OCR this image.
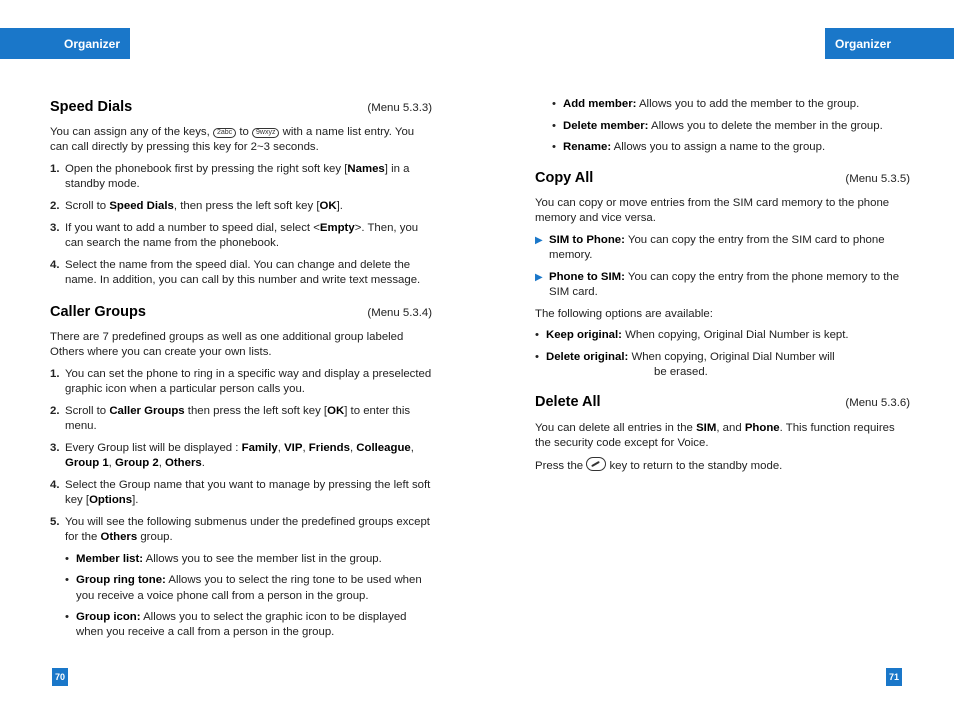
Organizer	Organizer
Speed Dials	(Menu 5.3.3)

You can assign any of the keys, 2abc to 9wxyz with a name list entry. You can call directly by pressing this key for 2~3 seconds.

1. Open the phonebook first by pressing the right soft key [Names] in a standby mode.
2. Scroll to Speed Dials, then press the left soft key [OK].
3. If you want to add a number to speed dial, select <Empty>. Then, you can search the name from the phonebook.
4. Select the name from the speed dial. You can change and delete the name. In addition, you can call by this number and write text message.
Caller Groups	(Menu 5.3.4)

There are 7 predefined groups as well as one additional group labeled Others where you can create your own lists.

1. You can set the phone to ring in a specific way and display a preselected graphic icon when a particular person calls you.
2. Scroll to Caller Groups then press the left soft key [OK] to enter this menu.
3. Every Group list will be displayed : Family, VIP, Friends, Colleague, Group 1, Group 2, Others.
4. Select the Group name that you want to manage by pressing the left soft key [Options].
5. You will see the following submenus under the predefined groups except for the Others group.
• Member list: Allows you to see the member list in the group.
• Group ring tone: Allows you to select the ring tone to be used when you receive a voice phone call from a person in the group.
• Group icon: Allows you to select the graphic icon to be displayed when you receive a call from a person in the group.
• Add member: Allows you to add the member to the group.
• Delete member: Allows you to delete the member in the group.
• Rename: Allows you to assign a name to the group.
Copy All	(Menu 5.3.5)

You can copy or move entries from the SIM card memory to the phone memory and vice versa.

▶ SIM to Phone: You can copy the entry from the SIM card to phone memory.
▶ Phone to SIM: You can copy the entry from the phone memory to the SIM card.

The following options are available:

• Keep original: When copying, Original Dial Number is kept.
• Delete original: When copying, Original Dial Number will
be erased.
Delete All	(Menu 5.3.6)

You can delete all entries in the SIM, and Phone. This function requires the security code except for Voice.

Press the key to return to the standby mode.

70	71
